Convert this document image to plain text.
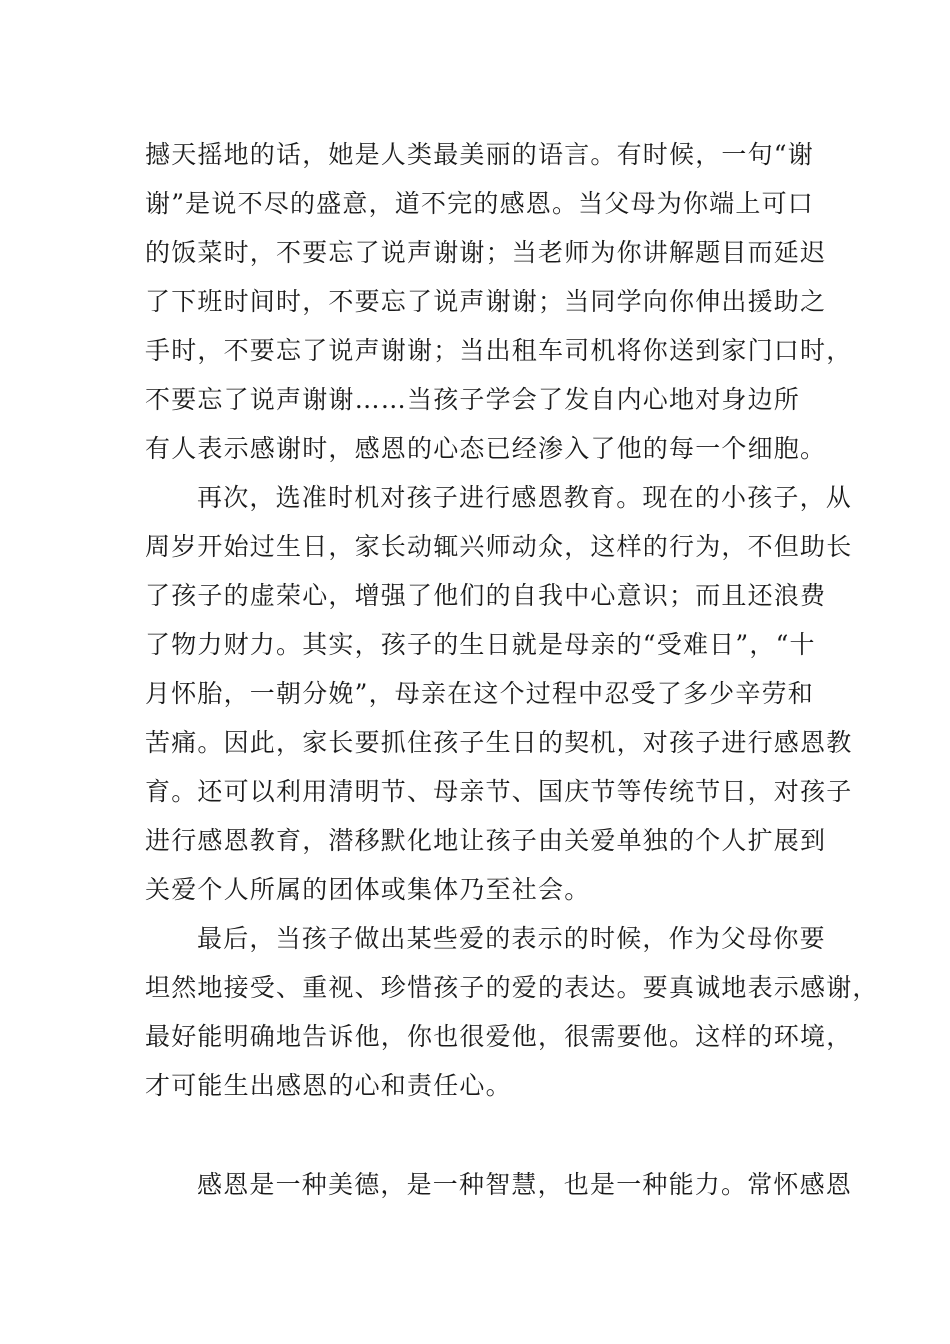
撼天摇地的话，她是人类最美丽的语言。有时候，一句“谢
谢”是说不尽的盛意，道不完的感恩。当父母为你端上可口
的饭菜时，不要忘了说声谢谢；当老师为你讲解题目而延迟
了下班时间时，不要忘了说声谢谢；当同学向你伸出援助之
手时，不要忘了说声谢谢；当出租车司机将你送到家门口时，
不要忘了说声谢谢……当孩子学会了发自内心地对身边所
有人表示感谢时，感恩的心态已经渗入了他的每一个细胞。

再次，选准时机对孩子进行感恩教育。现在的小孩子，从
周岁开始过生日，家长动辄兴师动众，这样的行为，不但助长
了孩子的虚荣心，增强了他们的自我中心意识；而且还浪费
了物力财力。其实，孩子的生日就是母亲的“受难日”，“十
月怀胎，一朝分娩”，母亲在这个过程中忍受了多少辛劳和
苦痛。因此，家长要抓住孩子生日的契机，对孩子进行感恩教
育。还可以利用清明节、母亲节、国庆节等传统节日，对孩子
进行感恩教育，潜移默化地让孩子由关爱单独的个人扩展到
关爱个人所属的团体或集体乃至社会。

最后，当孩子做出某些爱的表示的时候，作为父母你要
坦然地接受、重视、珍惜孩子的爱的表达。要真诚地表示感谢，
最好能明确地告诉他，你也很爱他，很需要他。这样的环境，
才可能生出感恩的心和责任心。

感恩是一种美德，是一种智慧，也是一种能力。常怀感恩
